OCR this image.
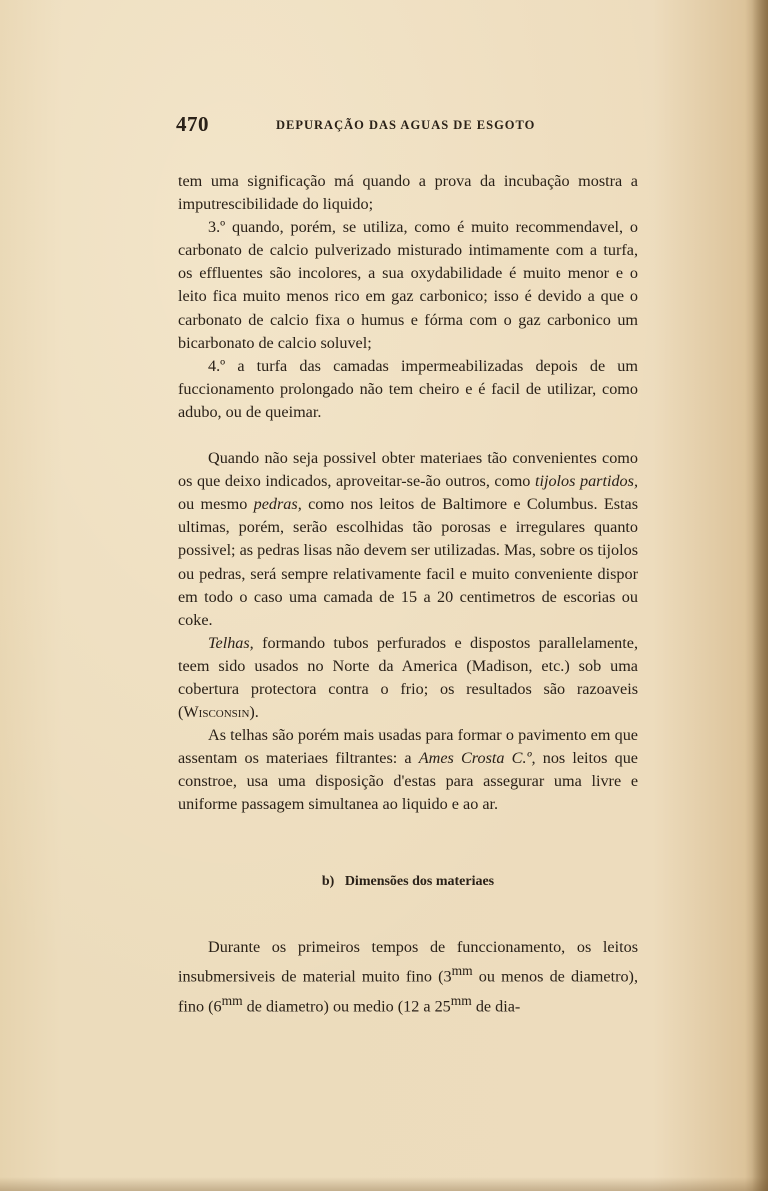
470	DEPURAÇÃO DAS AGUAS DE ESGOTO

tem uma significação má quando a prova da incubação mostra a imputrescibilidade do liquido;

3.º quando, porém, se utiliza, como é muito recommendavel, o carbonato de calcio pulverizado misturado intimamente com a turfa, os effluentes são incolores, a sua oxydabilidade é muito menor e o leito fica muito menos rico em gaz carbonico; isso é devido a que o carbonato de calcio fixa o humus e fórma com o gaz carbonico um bicarbonato de calcio soluvel;

4.º a turfa das camadas impermeabilizadas depois de um fuccionamento prolongado não tem cheiro e é facil de utilizar, como adubo, ou de queimar.

Quando não seja possivel obter materiaes tão convenientes como os que deixo indicados, aproveitar-se-ão outros, como tijolos partidos, ou mesmo pedras, como nos leitos de Baltimore e Columbus. Estas ultimas, porém, serão escolhidas tão porosas e irregulares quanto possivel; as pedras lisas não devem ser utilizadas. Mas, sobre os tijolos ou pedras, será sempre relativamente facil e muito conveniente dispor em todo o caso uma camada de 15 a 20 centimetros de escorias ou coke.

Telhas, formando tubos perfurados e dispostos parallelamente, teem sido usados no Norte da America (Madison, etc.) sob uma cobertura protectora contra o frio; os resultados são razoaveis (Wisconsin).

As telhas são porém mais usadas para formar o pavimento em que assentam os materiaes filtrantes: a Ames Crosta C.º, nos leitos que constroe, usa uma disposição d'estas para assegurar uma livre e uniforme passagem simultanea ao liquido e ao ar.

b) Dimensões dos materiaes

Durante os primeiros tempos de funccionamento, os leitos insubmersiveis de material muito fino ($3^{mm}$ ou menos de diametro), fino ($6^{mm}$ de diametro) ou medio (12 a $25^{mm}$ de dia-
